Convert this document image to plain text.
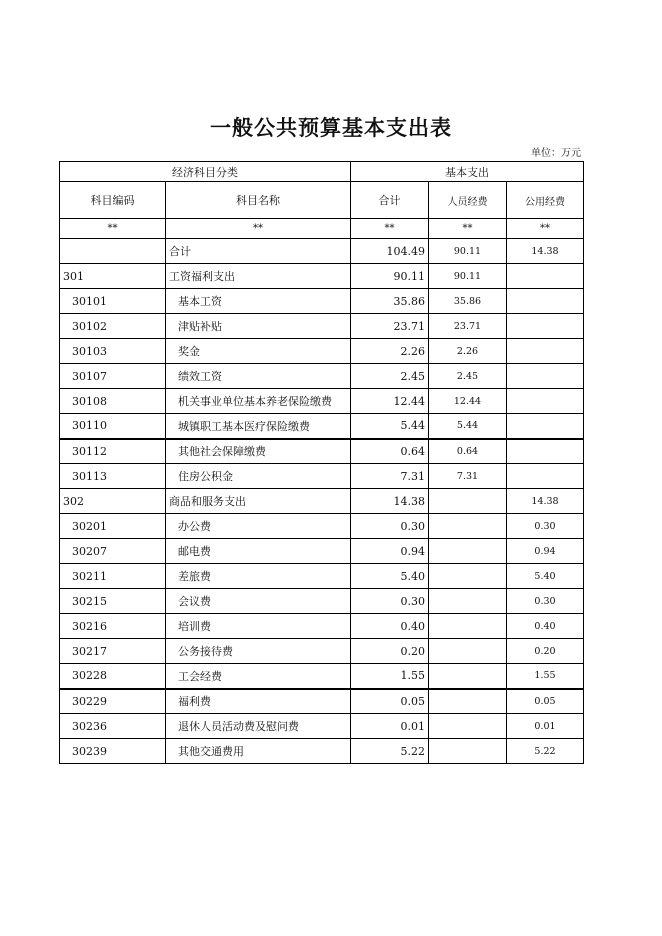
一般公共预算基本支出表
单位：万元
经济科目分类		基本支出		
科目编码	科目名称	合计	人员经费	公用经费
**	**	**	**	**
	合计	104.49	90.11	14.38
301	工资福利支出	90.11	90.11	
30101	基本工资	35.86	35.86	
30102	津贴补贴	23.71	23.71	
30103	奖金	2.26	2.26	
30107	绩效工资	2.45	2.45	
30108	机关事业单位基本养老保险缴费	12.44	12.44	
30110	城镇职工基本医疗保险缴费	5.44	5.44	
30112	其他社会保障缴费	0.64	0.64	
30113	住房公积金	7.31	7.31	
302	商品和服务支出	14.38		14.38
30201	办公费	0.30		0.30
30207	邮电费	0.94		0.94
30211	差旅费	5.40		5.40
30215	会议费	0.30		0.30
30216	培训费	0.40		0.40
30217	公务接待费	0.20		0.20
30228	工会经费	1.55		1.55
30229	福利费	0.05		0.05
30236	退休人员活动费及慰问费	0.01		0.01
30239	其他交通费用	5.22		5.22
